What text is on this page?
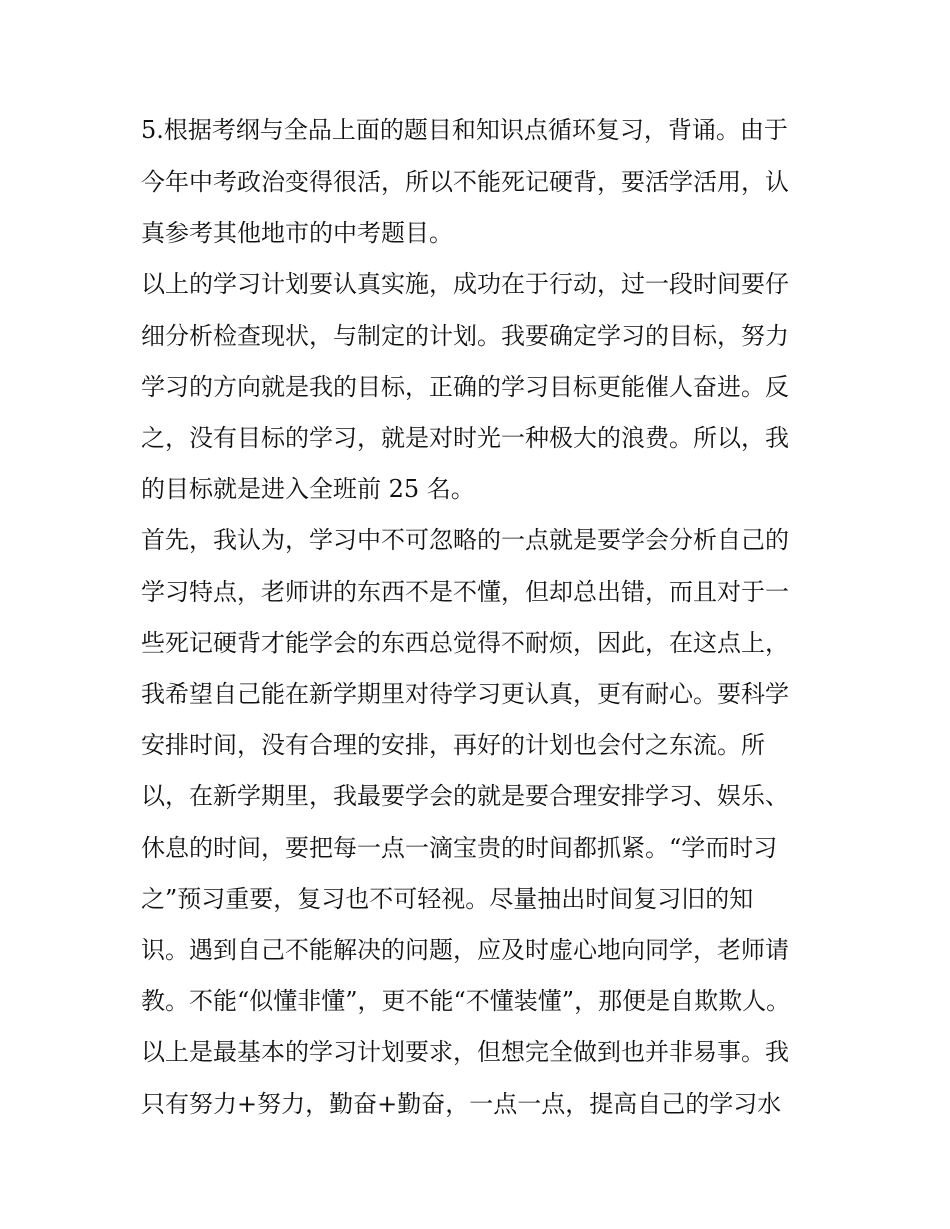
5.根据考纲与全品上面的题目和知识点循环复习，背诵。由于
今年中考政治变得很活，所以不能死记硬背，要活学活用，认
真参考其他地市的中考题目。
以上的学习计划要认真实施，成功在于行动，过一段时间要仔
细分析检查现状，与制定的计划。我要确定学习的目标，努力
学习的方向就是我的目标，正确的学习目标更能催人奋进。反
之，没有目标的学习，就是对时光一种极大的浪费。所以，我
的目标就是进入全班前 25 名。
首先，我认为，学习中不可忽略的一点就是要学会分析自己的
学习特点，老师讲的东西不是不懂，但却总出错，而且对于一
些死记硬背才能学会的东西总觉得不耐烦，因此，在这点上，
我希望自己能在新学期里对待学习更认真，更有耐心。要科学
安排时间，没有合理的安排，再好的计划也会付之东流。所
以，在新学期里，我最要学会的就是要合理安排学习、娱乐、
休息的时间，要把每一点一滴宝贵的时间都抓紧。“学而时习
之”预习重要，复习也不可轻视。尽量抽出时间复习旧的知
识。遇到自己不能解决的问题，应及时虚心地向同学，老师请
教。不能“似懂非懂”，更不能“不懂装懂”，那便是自欺欺人。
以上是最基本的学习计划要求，但想完全做到也并非易事。我
只有努力+努力，勤奋+勤奋，一点一点，提高自己的学习水
